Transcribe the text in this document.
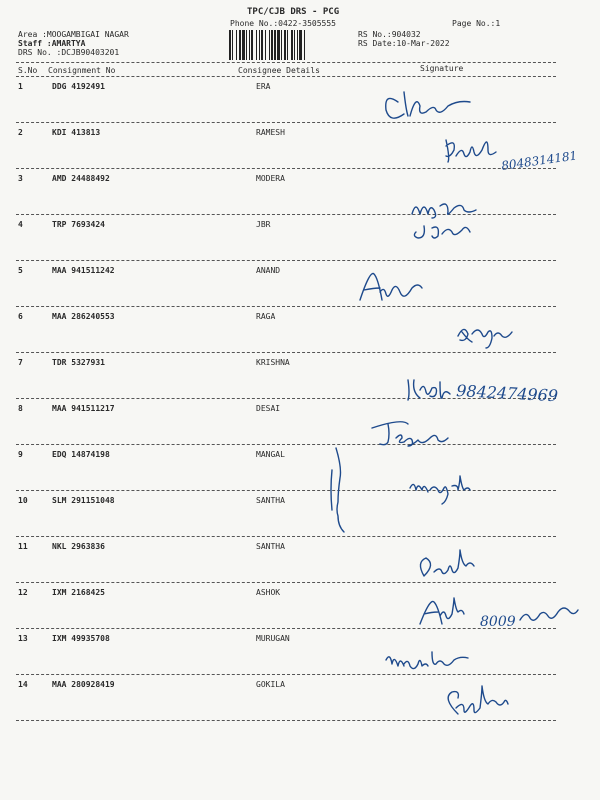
TPC/CJB DRS - PCG
Phone No.:0422-3505555	Page No.:1
Area :MOOGAMBIGAI NAGAR
Staff :AMARTYA
DRS No. :DCJB90403201
RS No.:904032
RS Date:10-Mar-2022
S.No Consignment No	Consignee Details	Signature
1	DDG 4192491	ERA
2	KDI 413813	RAMESH
3	AMD 24488492	MODERA
4	TRP 7693424	JBR
5	MAA 941511242	ANAND
6	MAA 286240553	RAGA
7	TDR 5327931	KRISHNA
8	MAA 941511217	DESAI
9	EDQ 14874198	MANGAL
10	SLM 291151048	SANTHA
11	NKL 2963836	SANTHA
12	IXM 2168425	ASHOK
13	IXM 49935708	MURUGAN
14	MAA 280928419	GOKILA
8048314181
9842474969
8009
